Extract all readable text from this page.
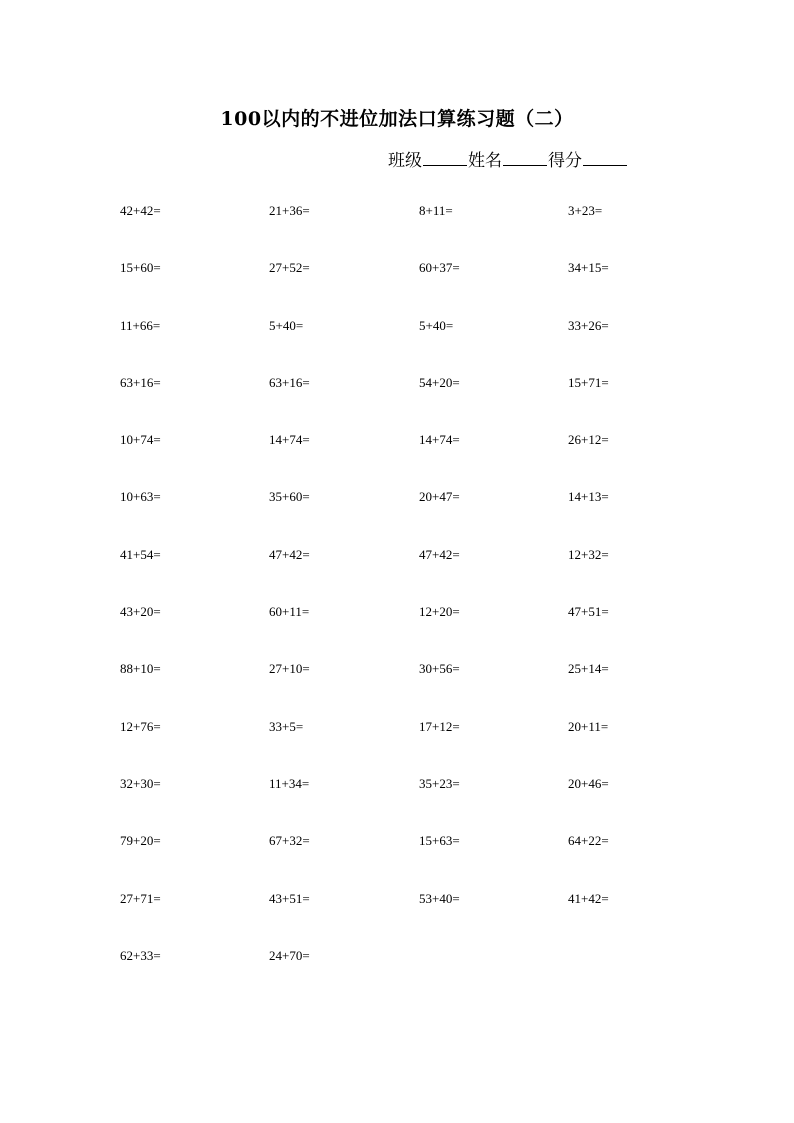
100以内的不进位加法口算练习题（二）
班级	姓名	得分
42+42=	21+36=	8+11=	3+23=
15+60=	27+52=	60+37=	34+15=
11+66=	5+40=	5+40=	33+26=
63+16=	63+16=	54+20=	15+71=
10+74=	14+74=	14+74=	26+12=
10+63=	35+60=	20+47=	14+13=
41+54=	47+42=	47+42=	12+32=
43+20=	60+11=	12+20=	47+51=
88+10=	27+10=	30+56=	25+14=
12+76=	33+5=	17+12=	20+11=
32+30=	11+34=	35+23=	20+46=
79+20=	67+32=	15+63=	64+22=
27+71=	43+51=	53+40=	41+42=
62+33=	24+70=
